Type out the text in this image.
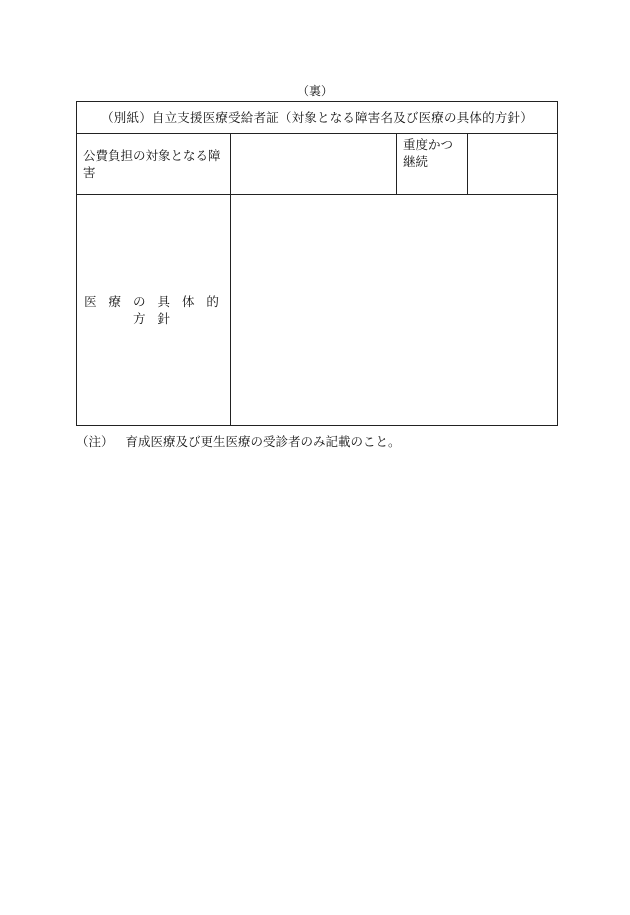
（裏）
（別紙）自立支援医療受給者証（対象となる障害名及び医療の具体的方針）			
公費負担の対象となる障害		重度かつ
継続	

医 療 の 具 体 的 方 針			
（注） 育成医療及び更生医療の受診者のみ記載のこと。
